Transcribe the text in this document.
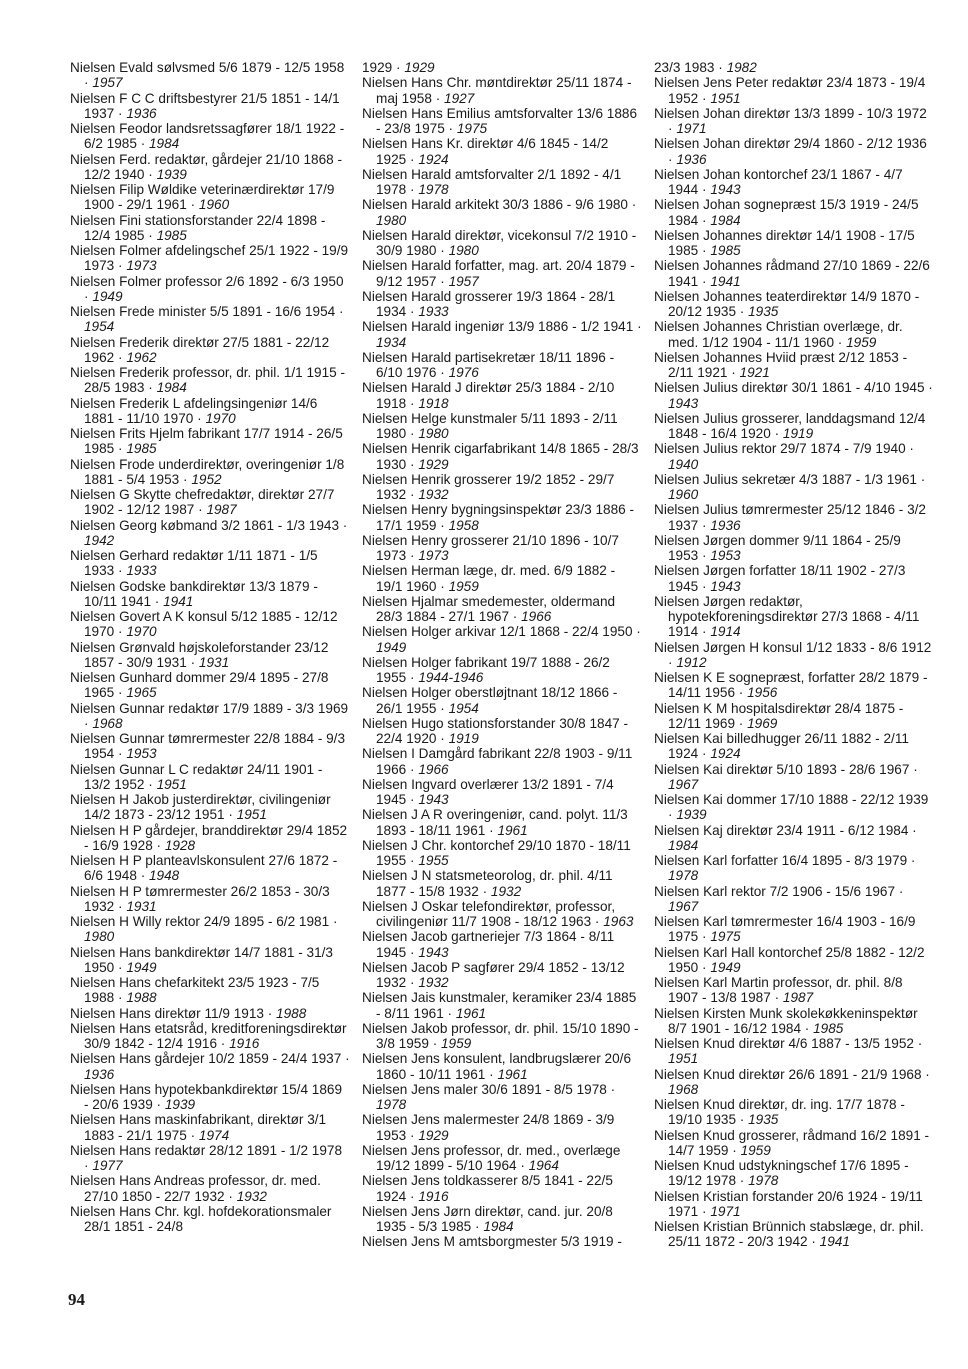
Nielsen Evald sølvsmed 5/6 1879 - 12/5 1958 · 1957

Nielsen F C C driftsbestyrer 21/5 1851 - 14/1 1937 · 1936

Nielsen Feodor landsretssagfører 18/1 1922 - 6/2 1985 · 1984

Nielsen Ferd. redaktør, gårdejer 21/10 1868 - 12/2 1940 · 1939

Nielsen Filip Wøldike veterinærdirektør 17/9 1900 - 29/1 1961 · 1960

Nielsen Fini stationsforstander 22/4 1898 - 12/4 1985 · 1985

Nielsen Folmer afdelingschef 25/1 1922 - 19/9 1973 · 1973

Nielsen Folmer professor 2/6 1892 - 6/3 1950 · 1949

Nielsen Frede minister 5/5 1891 - 16/6 1954 · 1954

Nielsen Frederik direktør 27/5 1881 - 22/12 1962 · 1962

Nielsen Frederik professor, dr. phil. 1/1 1915 - 28/5 1983 · 1984

Nielsen Frederik L afdelingsingeniør 14/6 1881 - 11/10 1970 · 1970

Nielsen Frits Hjelm fabrikant 17/7 1914 - 26/5 1985 · 1985

Nielsen Frode underdirektør, overingeniør 1/8 1881 - 5/4 1953 · 1952

Nielsen G Skytte chefredaktør, direktør 27/7 1902 - 12/12 1987 · 1987

Nielsen Georg købmand 3/2 1861 - 1/3 1943 · 1942

Nielsen Gerhard redaktør 1/11 1871 - 1/5 1933 · 1933

Nielsen Godske bankdirektør 13/3 1879 - 10/11 1941 · 1941

Nielsen Govert A K konsul 5/12 1885 - 12/12 1970 · 1970

Nielsen Grønvald højskoleforstander 23/12 1857 - 30/9 1931 · 1931

Nielsen Gunhard dommer 29/4 1895 - 27/8 1965 · 1965

Nielsen Gunnar redaktør 17/9 1889 - 3/3 1969 · 1968

Nielsen Gunnar tømrermester 22/8 1884 - 9/3 1954 · 1953

Nielsen Gunnar L C redaktør 24/11 1901 - 13/2 1952 · 1951

Nielsen H Jakob justerdirektør, civilingeniør 14/2 1873 - 23/12 1951 · 1951

Nielsen H P gårdejer, branddirektør 29/4 1852 - 16/9 1928 · 1928

Nielsen H P planteavlskonsulent 27/6 1872 - 6/6 1948 · 1948

Nielsen H P tømrermester 26/2 1853 - 30/3 1932 · 1931

Nielsen H Willy rektor 24/9 1895 - 6/2 1981 · 1980

Nielsen Hans bankdirektør 14/7 1881 - 31/3 1950 · 1949

Nielsen Hans chefarkitekt 23/5 1923 - 7/5 1988 · 1988

Nielsen Hans direktør 11/9 1913 · 1988

Nielsen Hans etatsråd, kreditforeningsdirektør 30/9 1842 - 12/4 1916 · 1916

Nielsen Hans gårdejer 10/2 1859 - 24/4 1937 · 1936

Nielsen Hans hypotekbankdirektør 15/4 1869 - 20/6 1939 · 1939

Nielsen Hans maskinfabrikant, direktør 3/1 1883 - 21/1 1975 · 1974

Nielsen Hans redaktør 28/12 1891 - 1/2 1978 · 1977

Nielsen Hans Andreas professor, dr. med. 27/10 1850 - 22/7 1932 · 1932

Nielsen Hans Chr. kgl. hofdekorationsmaler 28/1 1851 - 24/8

1929 · 1929

Nielsen Hans Chr. møntdirektør 25/11 1874 - maj 1958 · 1927

Nielsen Hans Emilius amtsforvalter 13/6 1886 - 23/8 1975 · 1975

Nielsen Hans Kr. direktør 4/6 1845 - 14/2 1925 · 1924

Nielsen Harald amtsforvalter 2/1 1892 - 4/1 1978 · 1978

Nielsen Harald arkitekt 30/3 1886 - 9/6 1980 · 1980

Nielsen Harald direktør, vicekonsul 7/2 1910 - 30/9 1980 · 1980

Nielsen Harald forfatter, mag. art. 20/4 1879 - 9/12 1957 · 1957

Nielsen Harald grosserer 19/3 1864 - 28/1 1934 · 1933

Nielsen Harald ingeniør 13/9 1886 - 1/2 1941 · 1934

Nielsen Harald partisekretær 18/11 1896 - 6/10 1976 · 1976

Nielsen Harald J direktør 25/3 1884 - 2/10 1918 · 1918

Nielsen Helge kunstmaler 5/11 1893 - 2/11 1980 · 1980

Nielsen Henrik cigarfabrikant 14/8 1865 - 28/3 1930 · 1929

Nielsen Henrik grosserer 19/2 1852 - 29/7 1932 · 1932

Nielsen Henry bygningsinspektør 23/3 1886 - 17/1 1959 · 1958

Nielsen Henry grosserer 21/10 1896 - 10/7 1973 · 1973

Nielsen Herman læge, dr. med. 6/9 1882 - 19/1 1960 · 1959

Nielsen Hjalmar smedemester, oldermand 28/3 1884 - 27/1 1967 · 1966

Nielsen Holger arkivar 12/1 1868 - 22/4 1950 · 1949

Nielsen Holger fabrikant 19/7 1888 - 26/2 1955 · 1944-1946

Nielsen Holger oberstløjtnant 18/12 1866 - 26/1 1955 · 1954

Nielsen Hugo stationsforstander 30/8 1847 - 22/4 1920 · 1919

Nielsen I Damgård fabrikant 22/8 1903 - 9/11 1966 · 1966

Nielsen Ingvard overlærer 13/2 1891 - 7/4 1945 · 1943

Nielsen J A R overingeniør, cand. polyt. 11/3 1893 - 18/11 1961 · 1961

Nielsen J Chr. kontorchef 29/10 1870 - 18/11 1955 · 1955

Nielsen J N statsmeteorolog, dr. phil. 4/11 1877 - 15/8 1932 · 1932

Nielsen J Oskar telefondirektør, professor, civilingeniør 11/7 1908 - 18/12 1963 · 1963

Nielsen Jacob gartneriejer 7/3 1864 - 8/11 1945 · 1943

Nielsen Jacob P sagfører 29/4 1852 - 13/12 1932 · 1932

Nielsen Jais kunstmaler, keramiker 23/4 1885 - 8/11 1961 · 1961

Nielsen Jakob professor, dr. phil. 15/10 1890 - 3/8 1959 · 1959

Nielsen Jens konsulent, landbrugslærer 20/6 1860 - 10/11 1961 · 1961

Nielsen Jens maler 30/6 1891 - 8/5 1978 · 1978

Nielsen Jens malermester 24/8 1869 - 3/9 1953 · 1929

Nielsen Jens professor, dr. med., overlæge 19/12 1899 - 5/10 1964 · 1964

Nielsen Jens toldkasserer 8/5 1841 - 22/5 1924 · 1916

Nielsen Jens Jørn direktør, cand. jur. 20/8 1935 - 5/3 1985 · 1984

Nielsen Jens M amtsborgmester 5/3 1919 -

23/3 1983 · 1982

Nielsen Jens Peter redaktør 23/4 1873 - 19/4 1952 · 1951

Nielsen Johan direktør 13/3 1899 - 10/3 1972 · 1971

Nielsen Johan direktør 29/4 1860 - 2/12 1936 · 1936

Nielsen Johan kontorchef 23/1 1867 - 4/7 1944 · 1943

Nielsen Johan sognepræst 15/3 1919 - 24/5 1984 · 1984

Nielsen Johannes direktør 14/1 1908 - 17/5 1985 · 1985

Nielsen Johannes rådmand 27/10 1869 - 22/6 1941 · 1941

Nielsen Johannes teaterdirektør 14/9 1870 - 20/12 1935 · 1935

Nielsen Johannes Christian overlæge, dr. med. 1/12 1904 - 11/1 1960 · 1959

Nielsen Johannes Hviid præst 2/12 1853 - 2/11 1921 · 1921

Nielsen Julius direktør 30/1 1861 - 4/10 1945 · 1943

Nielsen Julius grosserer, landdagsmand 12/4 1848 - 16/4 1920 · 1919

Nielsen Julius rektor 29/7 1874 - 7/9 1940 · 1940

Nielsen Julius sekretær 4/3 1887 - 1/3 1961 · 1960

Nielsen Julius tømrermester 25/12 1846 - 3/2 1937 · 1936

Nielsen Jørgen dommer 9/11 1864 - 25/9 1953 · 1953

Nielsen Jørgen forfatter 18/11 1902 - 27/3 1945 · 1943

Nielsen Jørgen redaktør, hypotekforeningsdirektør 27/3 1868 - 4/11 1914 · 1914

Nielsen Jørgen H konsul 1/12 1833 - 8/6 1912 · 1912

Nielsen K E sognepræst, forfatter 28/2 1879 - 14/11 1956 · 1956

Nielsen K M hospitalsdirektør 28/4 1875 - 12/11 1969 · 1969

Nielsen Kai billedhugger 26/11 1882 - 2/11 1924 · 1924

Nielsen Kai direktør 5/10 1893 - 28/6 1967 · 1967

Nielsen Kai dommer 17/10 1888 - 22/12 1939 · 1939

Nielsen Kaj direktør 23/4 1911 - 6/12 1984 · 1984

Nielsen Karl forfatter 16/4 1895 - 8/3 1979 · 1978

Nielsen Karl rektor 7/2 1906 - 15/6 1967 · 1967

Nielsen Karl tømrermester 16/4 1903 - 16/9 1975 · 1975

Nielsen Karl Hall kontorchef 25/8 1882 - 12/2 1950 · 1949

Nielsen Karl Martin professor, dr. phil. 8/8 1907 - 13/8 1987 · 1987

Nielsen Kirsten Munk skolekøkkeninspektør 8/7 1901 - 16/12 1984 · 1985

Nielsen Knud direktør 4/6 1887 - 13/5 1952 · 1951

Nielsen Knud direktør 26/6 1891 - 21/9 1968 · 1968

Nielsen Knud direktør, dr. ing. 17/7 1878 - 19/10 1935 · 1935

Nielsen Knud grosserer, rådmand 16/2 1891 - 14/7 1959 · 1959

Nielsen Knud udstykningschef 17/6 1895 - 19/12 1978 · 1978

Nielsen Kristian forstander 20/6 1924 - 19/11 1971 · 1971

Nielsen Kristian Brünnich stabslæge, dr. phil. 25/11 1872 - 20/3 1942 · 1941

94
